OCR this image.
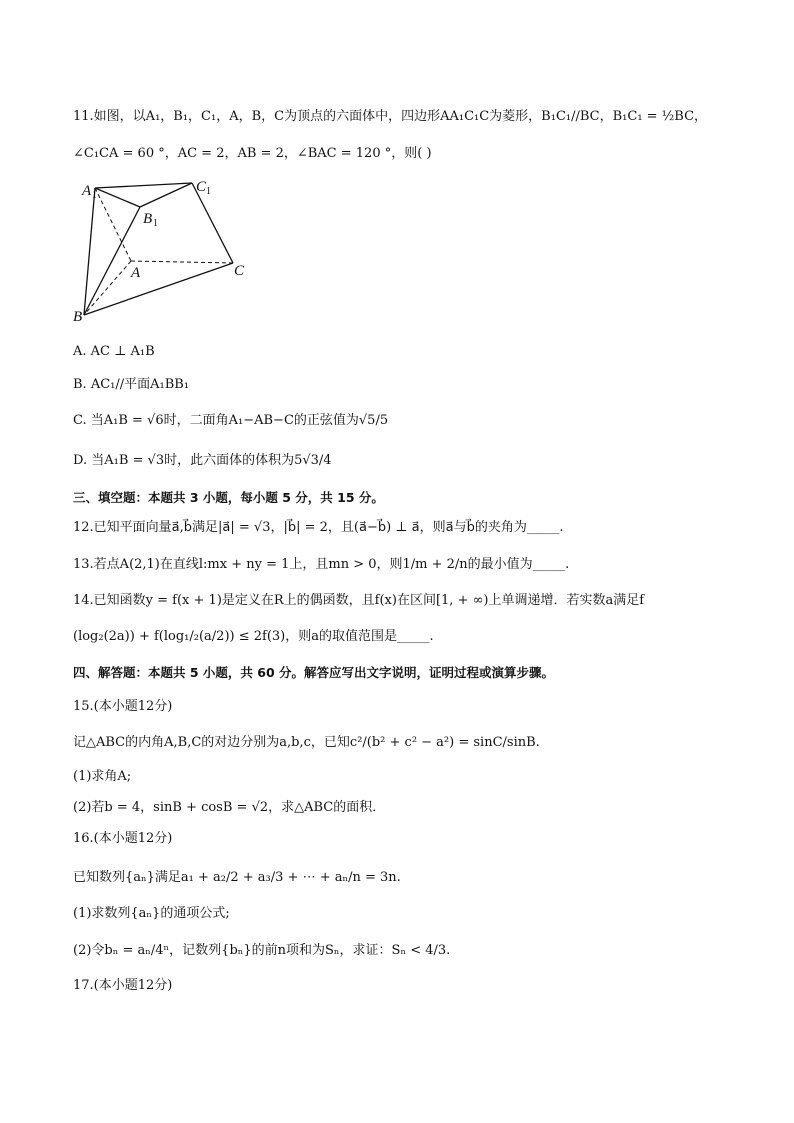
11.如图，以A₁，B₁，C₁，A，B，C为顶点的六面体中，四边形AA₁C₁C为菱形，B₁C₁//BC，B₁C₁ = ½BC，
∠C₁CA = 60 °，AC = 2，AB = 2，∠BAC = 120 °，则( )
A 1
C 1
B 1
A	C
B
A. AC ⊥ A₁B
B. AC₁//平面A₁BB₁
C. 当A₁B = √6时，二面角A₁−AB−C的正弦值为√5/5
D. 当A₁B = √3时，此六面体的体积为5√3/4
三、填空题：本题共 3 小题，每小题 5 分，共 15 分。
12.已知平面向量a⃗,b⃗满足|a⃗| = √3，|b⃗| = 2，且(a⃗−b⃗) ⊥ a⃗，则a⃗与b⃗的夹角为_____.
13.若点A(2,1)在直线l:mx + ny = 1上，且mn > 0，则1/m + 2/n的最小值为_____.
14.已知函数y = f(x + 1)是定义在R上的偶函数，且f(x)在区间[1, + ∞)上单调递增．若实数a满足f
(log₂(2a)) + f(log₁/₂(a/2)) ≤ 2f(3)，则a的取值范围是_____.
四、解答题：本题共 5 小题，共 60 分。解答应写出文字说明，证明过程或演算步骤。
15.(本小题12分)
记△ABC的内角A,B,C的对边分别为a,b,c，已知c²/(b² + c² − a²) = sinC/sinB.
(1)求角A;
(2)若b = 4，sinB + cosB = √2，求△ABC的面积．
16.(本小题12分)
已知数列{aₙ}满足a₁ + a₂/2 + a₃/3 + ⋯ + aₙ/n = 3n.
(1)求数列{aₙ}的通项公式;
(2)令bₙ = aₙ/4ⁿ，记数列{bₙ}的前n项和为Sₙ，求证：Sₙ < 4/3.
17.(本小题12分)
